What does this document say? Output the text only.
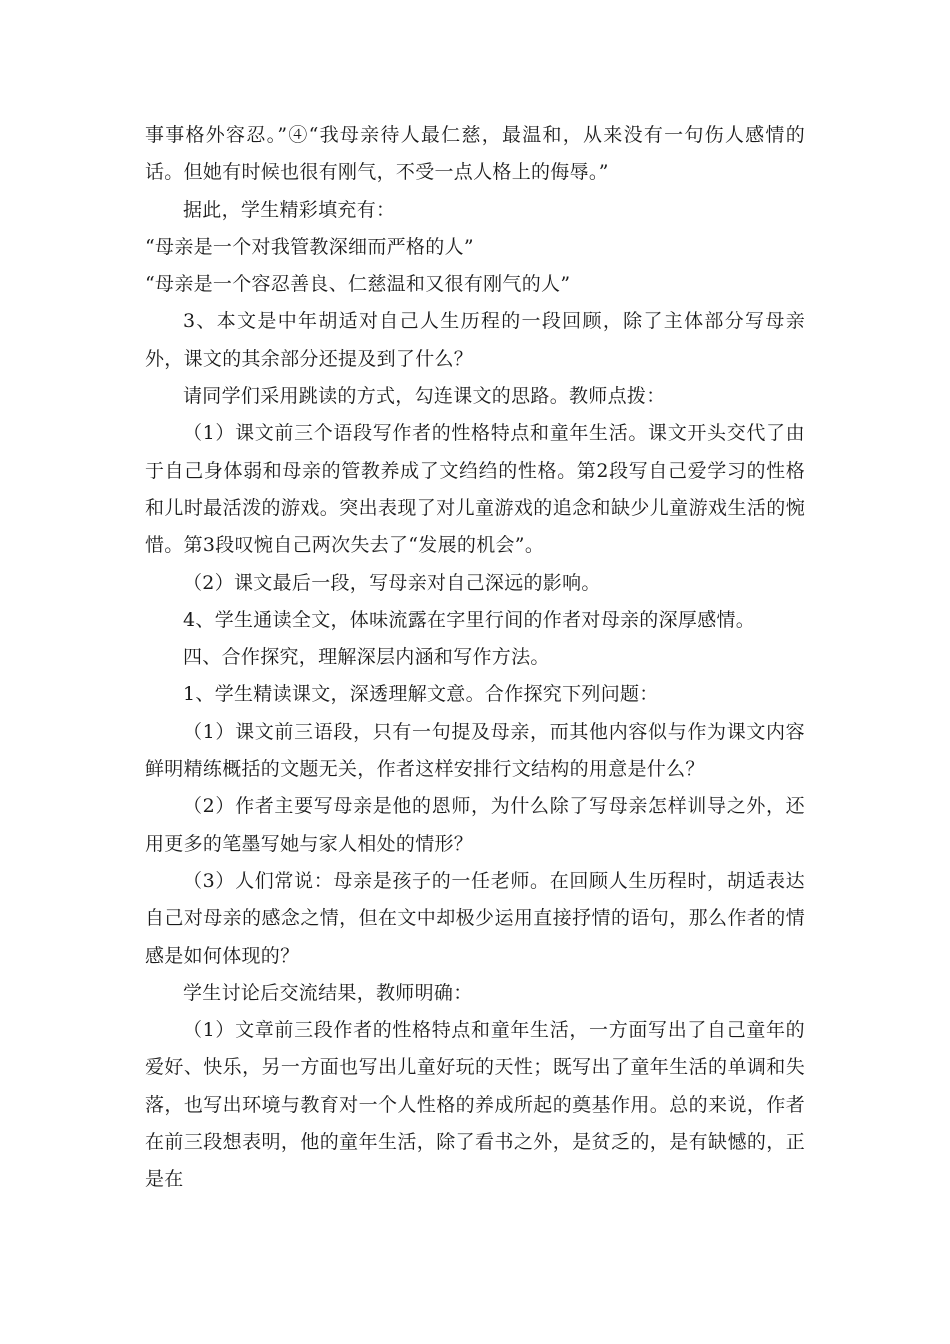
事事格外容忍。”④“我母亲待人最仁慈，最温和，从来没有一句伤人感情的话。但她有时候也很有刚气，不受一点人格上的侮辱。”

据此，学生精彩填充有：

“母亲是一个对我管教深细而严格的人”

“母亲是一个容忍善良、仁慈温和又很有刚气的人”

3、本文是中年胡适对自己人生历程的一段回顾，除了主体部分写母亲外，课文的其余部分还提及到了什么？

请同学们采用跳读的方式，勾连课文的思路。教师点拨：

（1）课文前三个语段写作者的性格特点和童年生活。课文开头交代了由于自己身体弱和母亲的管教养成了文绉绉的性格。第2段写自己爱学习的性格和儿时最活泼的游戏。突出表现了对儿童游戏的追念和缺少儿童游戏生活的惋惜。第3段叹惋自己两次失去了“发展的机会”。

（2）课文最后一段，写母亲对自己深远的影响。

4、学生通读全文，体味流露在字里行间的作者对母亲的深厚感情。

四、合作探究，理解深层内涵和写作方法。

1、学生精读课文，深透理解文意。合作探究下列问题：

（1）课文前三语段，只有一句提及母亲，而其他内容似与作为课文内容鲜明精练概括的文题无关，作者这样安排行文结构的用意是什么？

（2）作者主要写母亲是他的恩师，为什么除了写母亲怎样训导之外，还用更多的笔墨写她与家人相处的情形？

（3）人们常说：母亲是孩子的一任老师。在回顾人生历程时，胡适表达自己对母亲的感念之情，但在文中却极少运用直接抒情的语句，那么作者的情感是如何体现的？

学生讨论后交流结果，教师明确：

（1）文章前三段作者的性格特点和童年生活，一方面写出了自己童年的爱好、快乐，另一方面也写出儿童好玩的天性；既写出了童年生活的单调和失落，也写出环境与教育对一个人性格的养成所起的奠基作用。总的来说，作者在前三段想表明，他的童年生活，除了看书之外，是贫乏的，是有缺憾的，正是在
